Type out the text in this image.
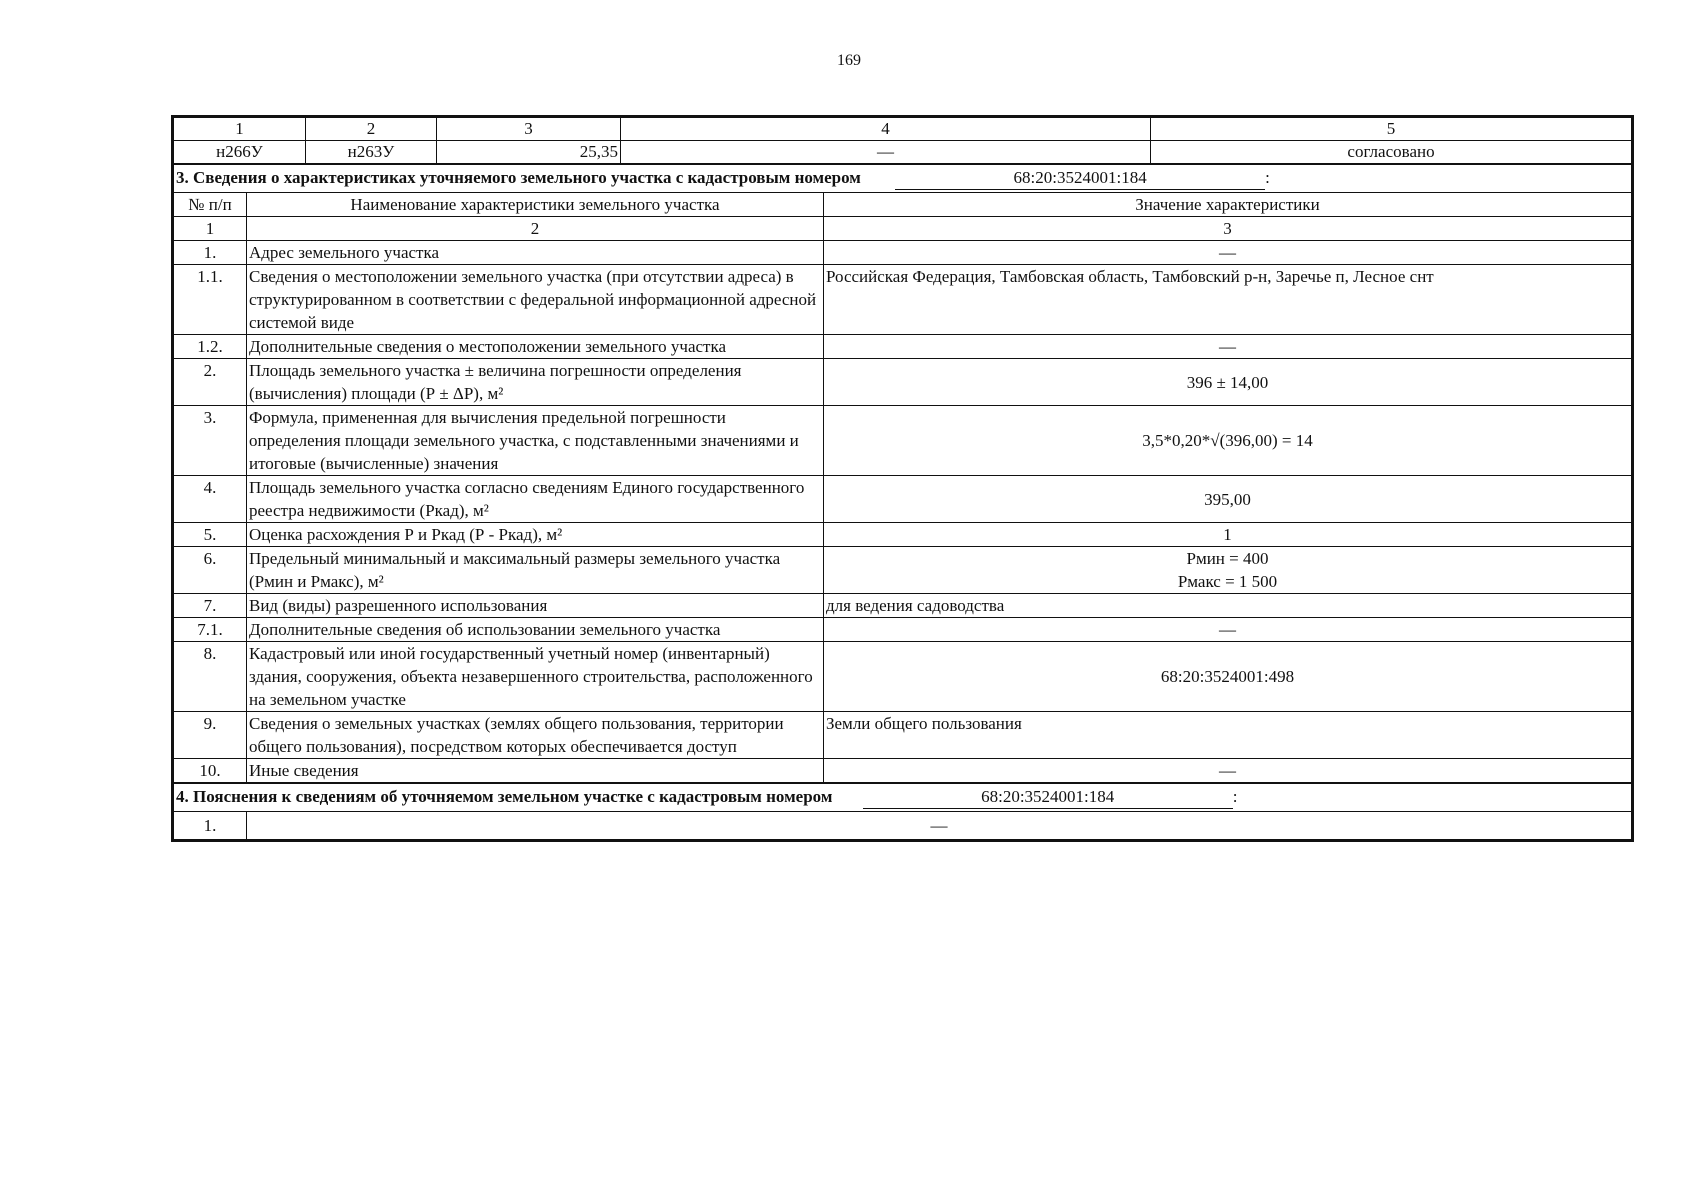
169
1	2	3	4	5
н266У	н263У	25,35	—	согласовано
3. Сведения о характеристиках уточняемого земельного участка с кадастровым номером 68:20:3524001:184 :		
№ п/п	Наименование характеристики земельного участка	Значение характеристики
1	2	3
1.	Адрес земельного участка	—
1.1.	Сведения о местоположении земельного участка (при отсутствии адреса) в структурированном в соответствии с федеральной информационной адресной системой виде	Российская Федерация, Тамбовская область, Тамбовский р-н, Заречье п, Лесное снт
1.2.	Дополнительные сведения о местоположении земельного участка	—
2.	Площадь земельного участка ± величина погрешности определения (вычисления) площади (Р ± ΔР), м²	396 ± 14,00
3.	Формула, примененная для вычисления предельной погрешности определения площади земельного участка, с подставленными значениями и итоговые (вычисленные) значения	3,5*0,20*√(396,00) = 14
4.	Площадь земельного участка согласно сведениям Единого государственного реестра недвижимости (Ркад), м²	395,00
5.	Оценка расхождения Р и Ркад (Р - Ркад), м²	1
6.	Предельный минимальный и максимальный размеры земельного участка (Рмин и Рмакс), м²	Рмин = 400
Рмакс = 1 500

7.	Вид (виды) разрешенного использования	для ведения садоводства
7.1.	Дополнительные сведения об использовании земельного участка	—
8.	Кадастровый или иной государственный учетный номер (инвентарный) здания, сооружения, объекта незавершенного строительства, расположенного на земельном участке	68:20:3524001:498
9.	Сведения о земельных участках (землях общего пользования, территории общего пользования), посредством которых обеспечивается доступ	Земли общего пользования
10.	Иные сведения	—
4. Пояснения к сведениям об уточняемом земельном участке с кадастровым номером	68:20:3524001:184	:
1.	—
